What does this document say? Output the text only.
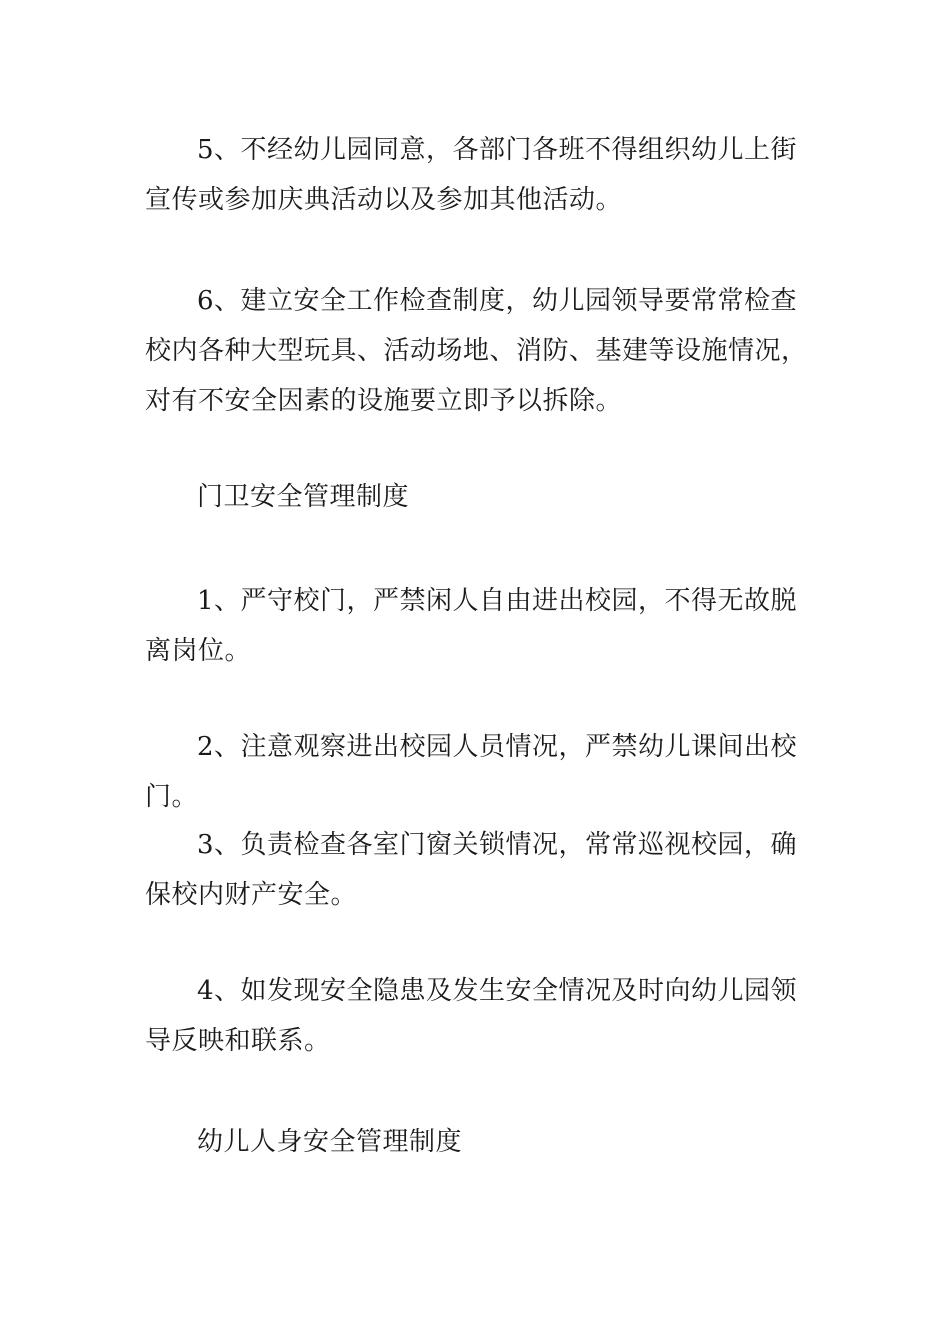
5、不经幼儿园同意，各部门各班不得组织幼儿上街宣传或参加庆典活动以及参加其他活动。

6、建立安全工作检查制度，幼儿园领导要常常检查校内各种大型玩具、活动场地、消防、基建等设施情况，对有不安全因素的设施要立即予以拆除。

门卫安全管理制度

1、严守校门，严禁闲人自由进出校园，不得无故脱离岗位。

2、注意观察进出校园人员情况，严禁幼儿课间出校门。

3、负责检查各室门窗关锁情况，常常巡视校园，确保校内财产安全。

4、如发现安全隐患及发生安全情况及时向幼儿园领导反映和联系。

幼儿人身安全管理制度
